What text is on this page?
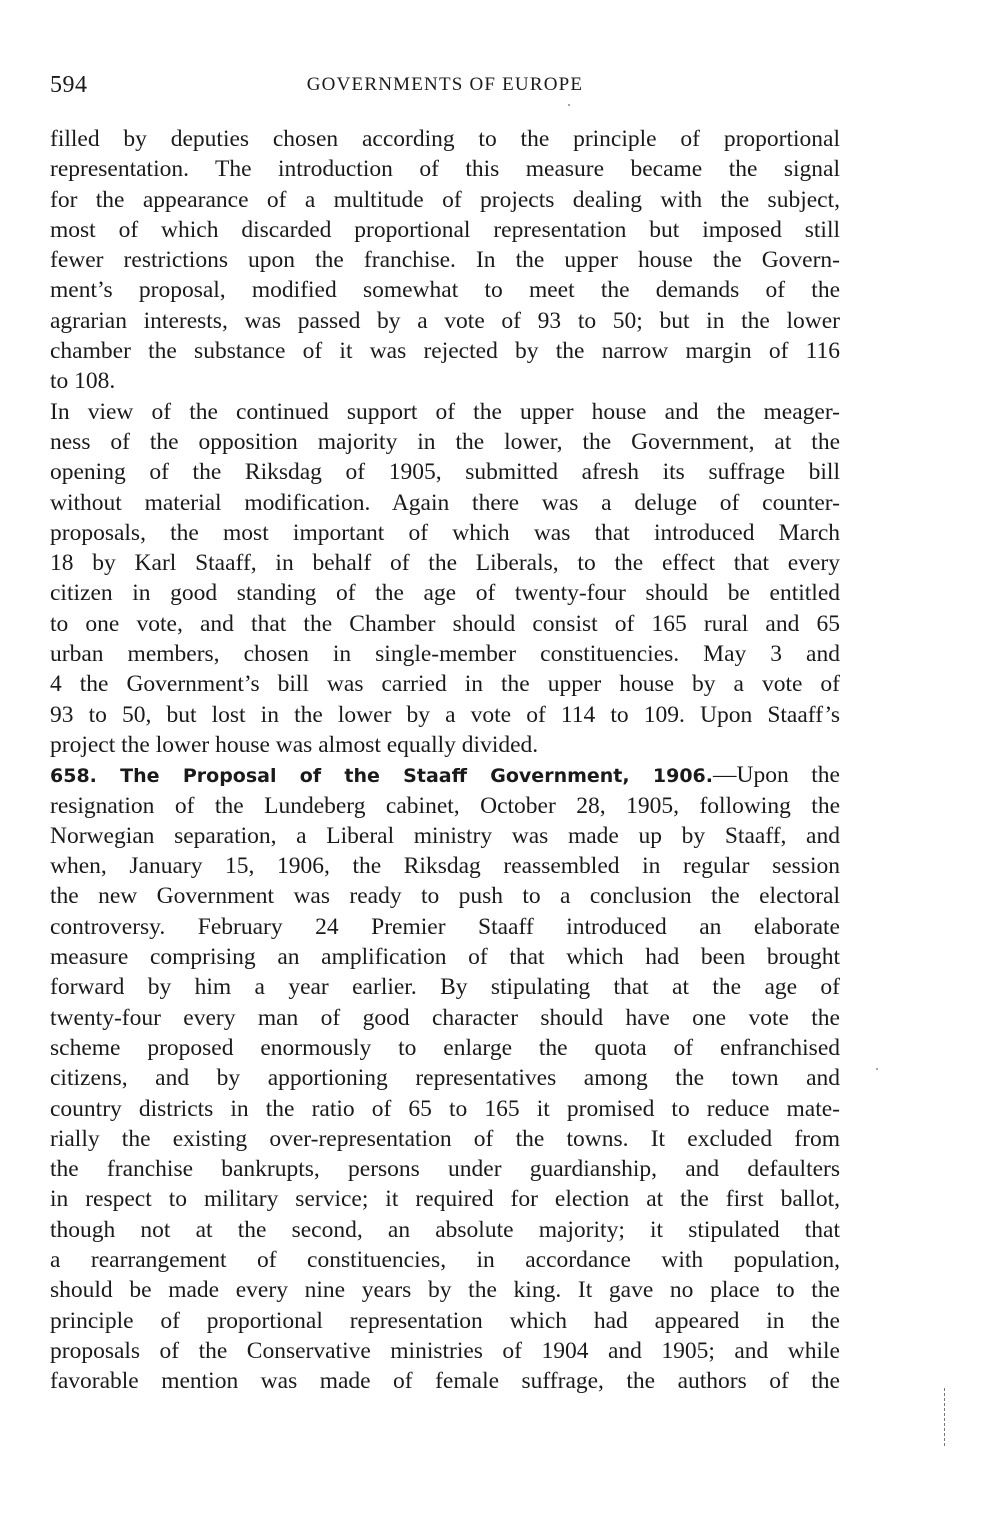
594	GOVERNMENTS OF EUROPE
filled by deputies chosen according to the principle of proportional
representation. The introduction of this measure became the signal
for the appearance of a multitude of projects dealing with the subject,
most of which discarded proportional representation but imposed still
fewer restrictions upon the franchise. In the upper house the Govern-
ment’s proposal, modified somewhat to meet the demands of the
agrarian interests, was passed by a vote of 93 to 50; but in the lower
chamber the substance of it was rejected by the narrow margin of 116
to 108.
In view of the continued support of the upper house and the meager-
ness of the opposition majority in the lower, the Government, at the
opening of the Riksdag of 1905, submitted afresh its suffrage bill
without material modification. Again there was a deluge of counter-
proposals, the most important of which was that introduced March
18 by Karl Staaff, in behalf of the Liberals, to the effect that every
citizen in good standing of the age of twenty-four should be entitled
to one vote, and that the Chamber should consist of 165 rural and 65
urban members, chosen in single-member constituencies. May 3 and
4 the Government’s bill was carried in the upper house by a vote of
93 to 50, but lost in the lower by a vote of 114 to 109. Upon Staaff’s
project the lower house was almost equally divided.
658. The Proposal of the Staaff Government, 1906.—Upon the
resignation of the Lundeberg cabinet, October 28, 1905, following the
Norwegian separation, a Liberal ministry was made up by Staaff, and
when, January 15, 1906, the Riksdag reassembled in regular session
the new Government was ready to push to a conclusion the electoral
controversy. February 24 Premier Staaff introduced an elaborate
measure comprising an amplification of that which had been brought
forward by him a year earlier. By stipulating that at the age of
twenty-four every man of good character should have one vote the
scheme proposed enormously to enlarge the quota of enfranchised
citizens, and by apportioning representatives among the town and
country districts in the ratio of 65 to 165 it promised to reduce mate-
rially the existing over-representation of the towns. It excluded from
the franchise bankrupts, persons under guardianship, and defaulters
in respect to military service; it required for election at the first ballot,
though not at the second, an absolute majority; it stipulated that
a rearrangement of constituencies, in accordance with population,
should be made every nine years by the king. It gave no place to the
principle of proportional representation which had appeared in the
proposals of the Conservative ministries of 1904 and 1905; and while
favorable mention was made of female suffrage, the authors of the
